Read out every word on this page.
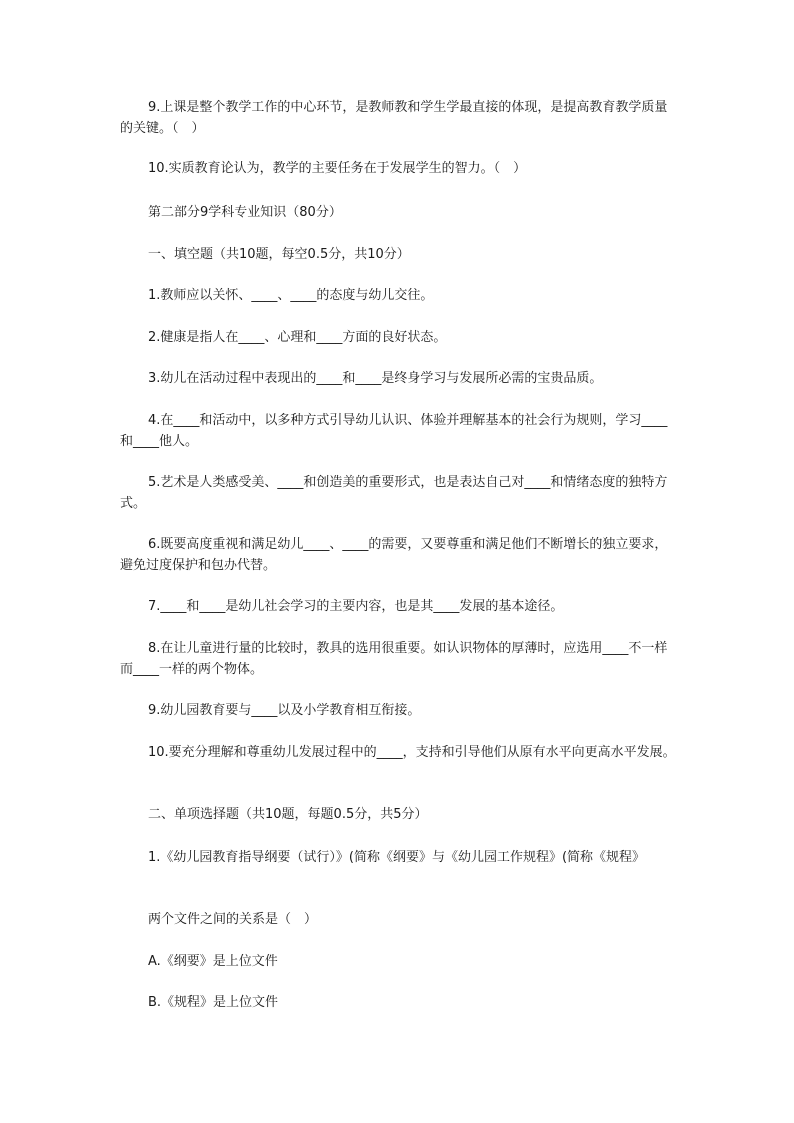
9.上课是整个教学工作的中心环节，是教师教和学生学最直接的体现，是提高教育教学质量的关键。（　）

10.实质教育论认为，教学的主要任务在于发展学生的智力。（　）

第二部分9学科专业知识（80分）

一、填空题（共10题，每空0.5分，共10分）

1.教师应以关怀、____、____的态度与幼儿交往。

2.健康是指人在____、心理和____方面的良好状态。

3.幼儿在活动过程中表现出的____和____是终身学习与发展所必需的宝贵品质。

4.在____和活动中，以多种方式引导幼儿认识、体验并理解基本的社会行为规则，学习____和____他人。

5.艺术是人类感受美、____和创造美的重要形式，也是表达自己对____和情绪态度的独特方式。

6.既要高度重视和满足幼儿____、____的需要，又要尊重和满足他们不断增长的独立要求，避免过度保护和包办代替。

7.____和____是幼儿社会学习的主要内容，也是其____发展的基本途径。

8.在让儿童进行量的比较时，教具的选用很重要。如认识物体的厚薄时，应选用____不一样而____一样的两个物体。

9.幼儿园教育要与____以及小学教育相互衔接。

10.要充分理解和尊重幼儿发展过程中的____，支持和引导他们从原有水平向更高水平发展。

二、单项选择题（共10题，每题0.5分，共5分）

1.《幼儿园教育指导纲要（试行）》(简称《纲要》与《幼儿园工作规程》(简称《规程》

两个文件之间的关系是（　）

A.《纲要》是上位文件

B.《规程》是上位文件
